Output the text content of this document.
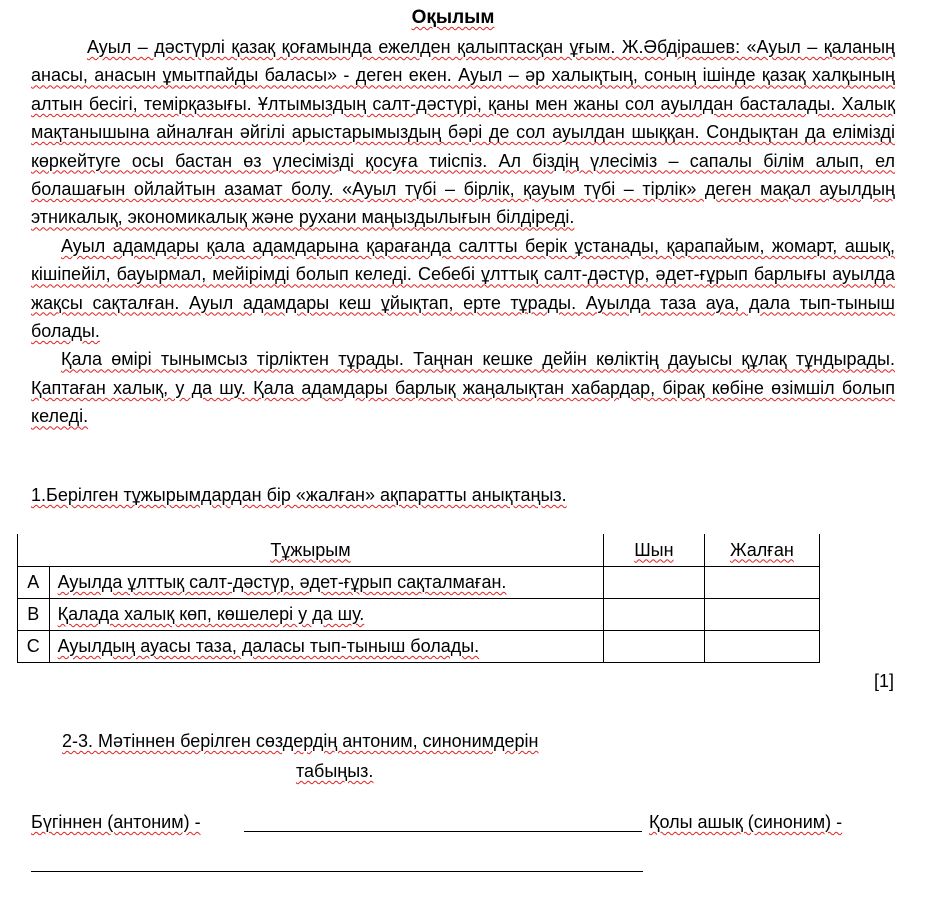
Оқылым

Ауыл – дәстүрлі қазақ қоғамында ежелден қалыптасқан ұғым. Ж.Әбдірашев: «Ауыл – қаланың анасы, анасын ұмытпайды баласы» - деген екен. Ауыл – әр халықтың, соның ішінде қазақ халқының алтын бесігі, темірқазығы. Ұлтымыздың салт-дәстүрі, қаны мен жаны сол ауылдан басталады. Халық мақтанышына айналған әйгілі арыстарымыздың бәрі де сол ауылдан шыққан. Сондықтан да елімізді көркейтуге осы бастан өз үлесімізді қосуға тиіспіз. Ал біздің үлесіміз – сапалы білім алып, ел болашағын ойлайтын азамат болу. «Ауыл түбі – бірлік, қауым түбі – тірлік» деген мақал ауылдың этникалық, экономикалық және рухани маңыздылығын білдіреді.

Ауыл адамдары қала адамдарына қарағанда салтты берік ұстанады, қарапайым, жомарт, ашық, кішіпейіл, бауырмал, мейірімді болып келеді. Себебі ұлттық салт-дәстүр, әдет-ғұрып барлығы ауылда жақсы сақталған. Ауыл адамдары кеш ұйықтап, ерте тұрады. Ауылда таза ауа, дала тып-тыныш болады.

Қала өмірі тынымсыз тірліктен тұрады. Таңнан кешке дейін көліктің дауысы құлақ тұндырады. Қаптаған халық, у да шу. Қала адамдары барлық жаңалықтан хабардар, бірақ көбіне өзімшіл болып келеді.

1.Берілген тұжырымдардан бір «жалған» ақпаратты анықтаңыз.
Тұжырым		Шын	Жалған
А	Ауылда ұлттық салт-дәстүр, әдет-ғұрып сақталмаған.		
В	Қалада халық көп, көшелері у да шу.		
С	Ауылдың ауасы таза, даласы тып-тыныш болады.		
[1]
2-3. Мәтіннен берілген сөздердің антоним, синонимдерін
табыңыз.
Бүгіннен (антоним) -	Қолы ашық (синоним) -
